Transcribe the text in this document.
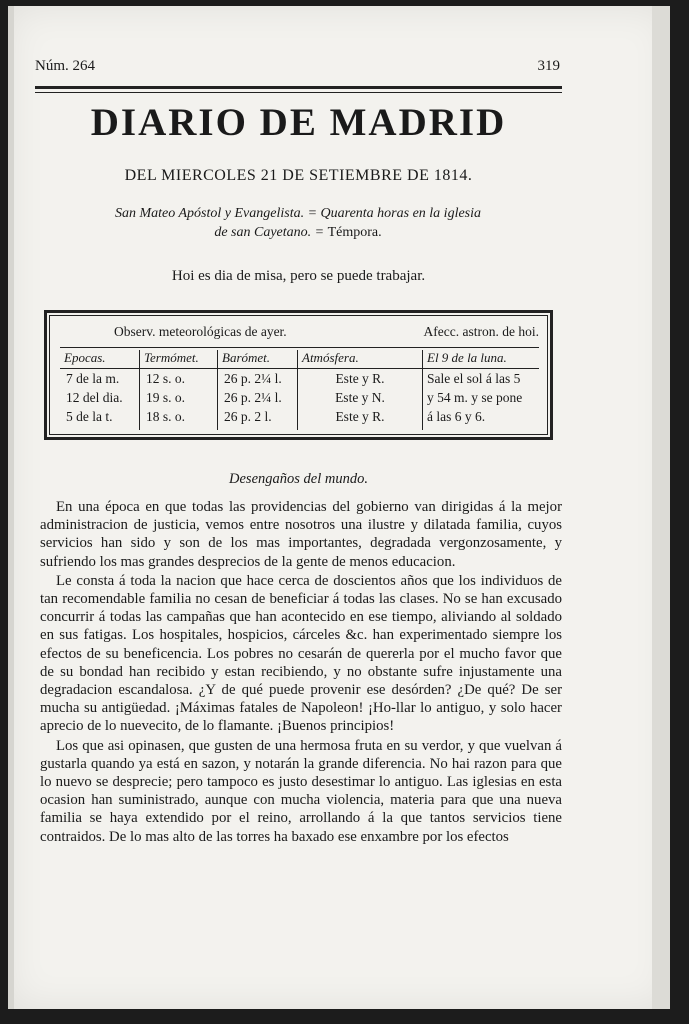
Núm. 264	319
DIARIO DE MADRID
DEL MIERCOLES 21 DE SETIEMBRE DE 1814.
San Mateo Apóstol y Evangelista. = Quarenta horas en la iglesia
de san Cayetano. = Témpora.
Hoi es dia de misa, pero se puede trabajar.
Observ. meteorológicas de ayer.	Afecc. astron. de hoi.
Epocas.
7 de la m.
12 del dia.
5 de la t.
Termómet.
12 s. o.
19 s. o.
18 s. o.
Barómet.
26 p. 2¼ l.
26 p. 2¼ l.
26 p. 2 l.
Atmósfera.
Este y R.
Este y N.
Este y R.
El 9 de la luna.
Sale el sol á las 5
y 54 m. y se pone
á las 6 y 6.
Desengaños del mundo.

En una época en que todas las providencias del gobierno van dirigidas á la mejor administracion de justicia, vemos entre nosotros una ilustre y dilatada familia, cuyos servicios han sido y son de los mas importantes, degradada vergonzosamente, y sufriendo los mas grandes desprecios de la gente de menos educacion.

Le consta á toda la nacion que hace cerca de doscientos años que los individuos de tan recomendable familia no cesan de beneficiar á todas las clases. No se han excusado concurrir á todas las campañas que han acontecido en ese tiempo, aliviando al soldado en sus fatigas. Los hospitales, hospicios, cárceles &c. han experimentado siempre los efectos de su beneficencia. Los pobres no cesarán de quererla por el mucho favor que de su bondad han recibido y estan recibiendo, y no obstante sufre injustamente una degradacion escandalosa. ¿Y de qué puede provenir ese desórden? ¿De qué? De ser mucha su antigüedad. ¡Máximas fatales de Napoleon! ¡Ho-llar lo antiguo, y solo hacer aprecio de lo nuevecito, de lo flamante. ¡Buenos principios!

Los que asi opinasen, que gusten de una hermosa fruta en su verdor, y que vuelvan á gustarla quando ya está en sazon, y notarán la grande diferencia. No hai razon para que lo nuevo se desprecie; pero tampoco es justo desestimar lo antiguo. Las iglesias en esta ocasion han suministrado, aunque con mucha violencia, materia para que una nueva familia se haya extendido por el reino, arrollando á la que tantos servicios tiene contraidos. De lo mas alto de las torres ha baxado ese enxambre por los efectos
